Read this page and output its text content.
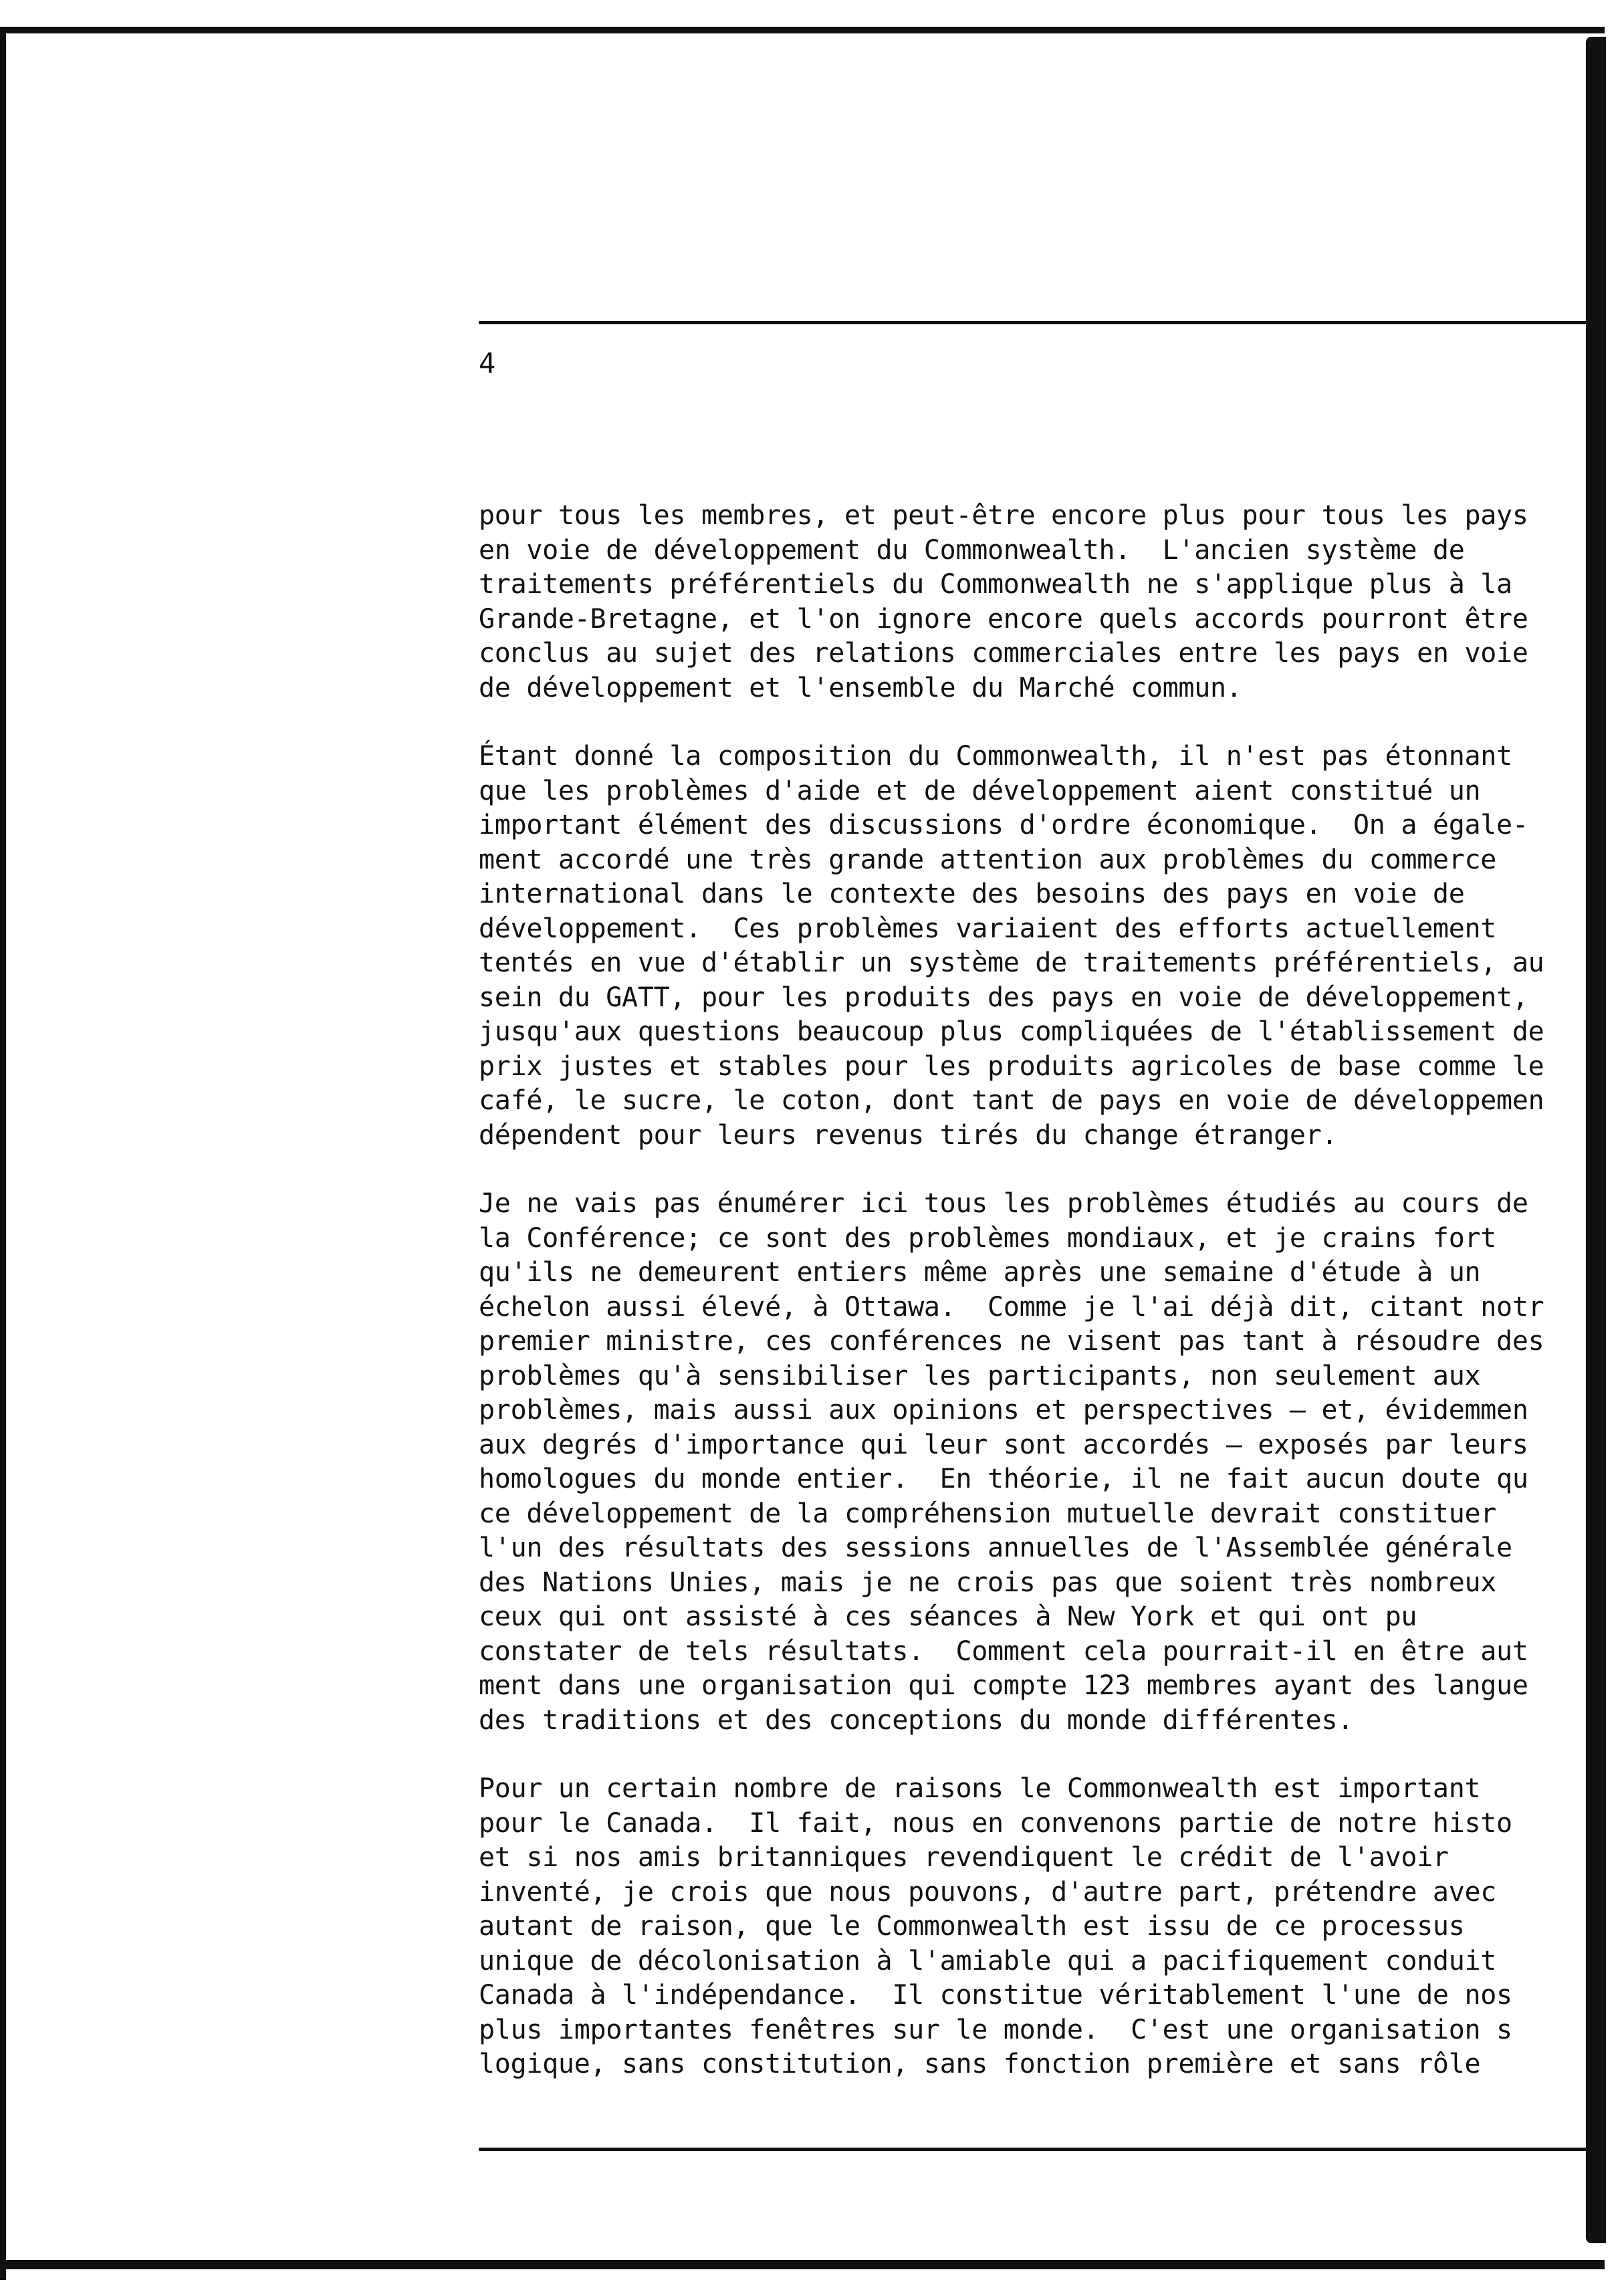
4
pour tous les membres, et peut-être encore plus pour tous les pays
en voie de développement du Commonwealth.  L'ancien système de
traitements préférentiels du Commonwealth ne s'applique plus à la
Grande-Bretagne, et l'on ignore encore quels accords pourront être
conclus au sujet des relations commerciales entre les pays en voie
de développement et l'ensemble du Marché commun.
Étant donné la composition du Commonwealth, il n'est pas étonnant
que les problèmes d'aide et de développement aient constitué un
important élément des discussions d'ordre économique.  On a égale-
ment accordé une très grande attention aux problèmes du commerce
international dans le contexte des besoins des pays en voie de
développement.  Ces problèmes variaient des efforts actuellement
tentés en vue d'établir un système de traitements préférentiels, au
sein du GATT, pour les produits des pays en voie de développement,
jusqu'aux questions beaucoup plus compliquées de l'établissement de
prix justes et stables pour les produits agricoles de base comme le
café, le sucre, le coton, dont tant de pays en voie de développemen
dépendent pour leurs revenus tirés du change étranger.
Je ne vais pas énumérer ici tous les problèmes étudiés au cours de
la Conférence; ce sont des problèmes mondiaux, et je crains fort
qu'ils ne demeurent entiers même après une semaine d'étude à un
échelon aussi élevé, à Ottawa.  Comme je l'ai déjà dit, citant notr
premier ministre, ces conférences ne visent pas tant à résoudre des
problèmes qu'à sensibiliser les participants, non seulement aux
problèmes, mais aussi aux opinions et perspectives — et, évidemmen
aux degrés d'importance qui leur sont accordés — exposés par leurs
homologues du monde entier.  En théorie, il ne fait aucun doute qu
ce développement de la compréhension mutuelle devrait constituer
l'un des résultats des sessions annuelles de l'Assemblée générale
des Nations Unies, mais je ne crois pas que soient très nombreux
ceux qui ont assisté à ces séances à New York et qui ont pu
constater de tels résultats.  Comment cela pourrait-il en être aut
ment dans une organisation qui compte 123 membres ayant des langue
des traditions et des conceptions du monde différentes.
Pour un certain nombre de raisons le Commonwealth est important
pour le Canada.  Il fait, nous en convenons partie de notre histo
et si nos amis britanniques revendiquent le crédit de l'avoir
inventé, je crois que nous pouvons, d'autre part, prétendre avec
autant de raison, que le Commonwealth est issu de ce processus
unique de décolonisation à l'amiable qui a pacifiquement conduit
Canada à l'indépendance.  Il constitue véritablement l'une de nos
plus importantes fenêtres sur le monde.  C'est une organisation s
logique, sans constitution, sans fonction première et sans rôle
